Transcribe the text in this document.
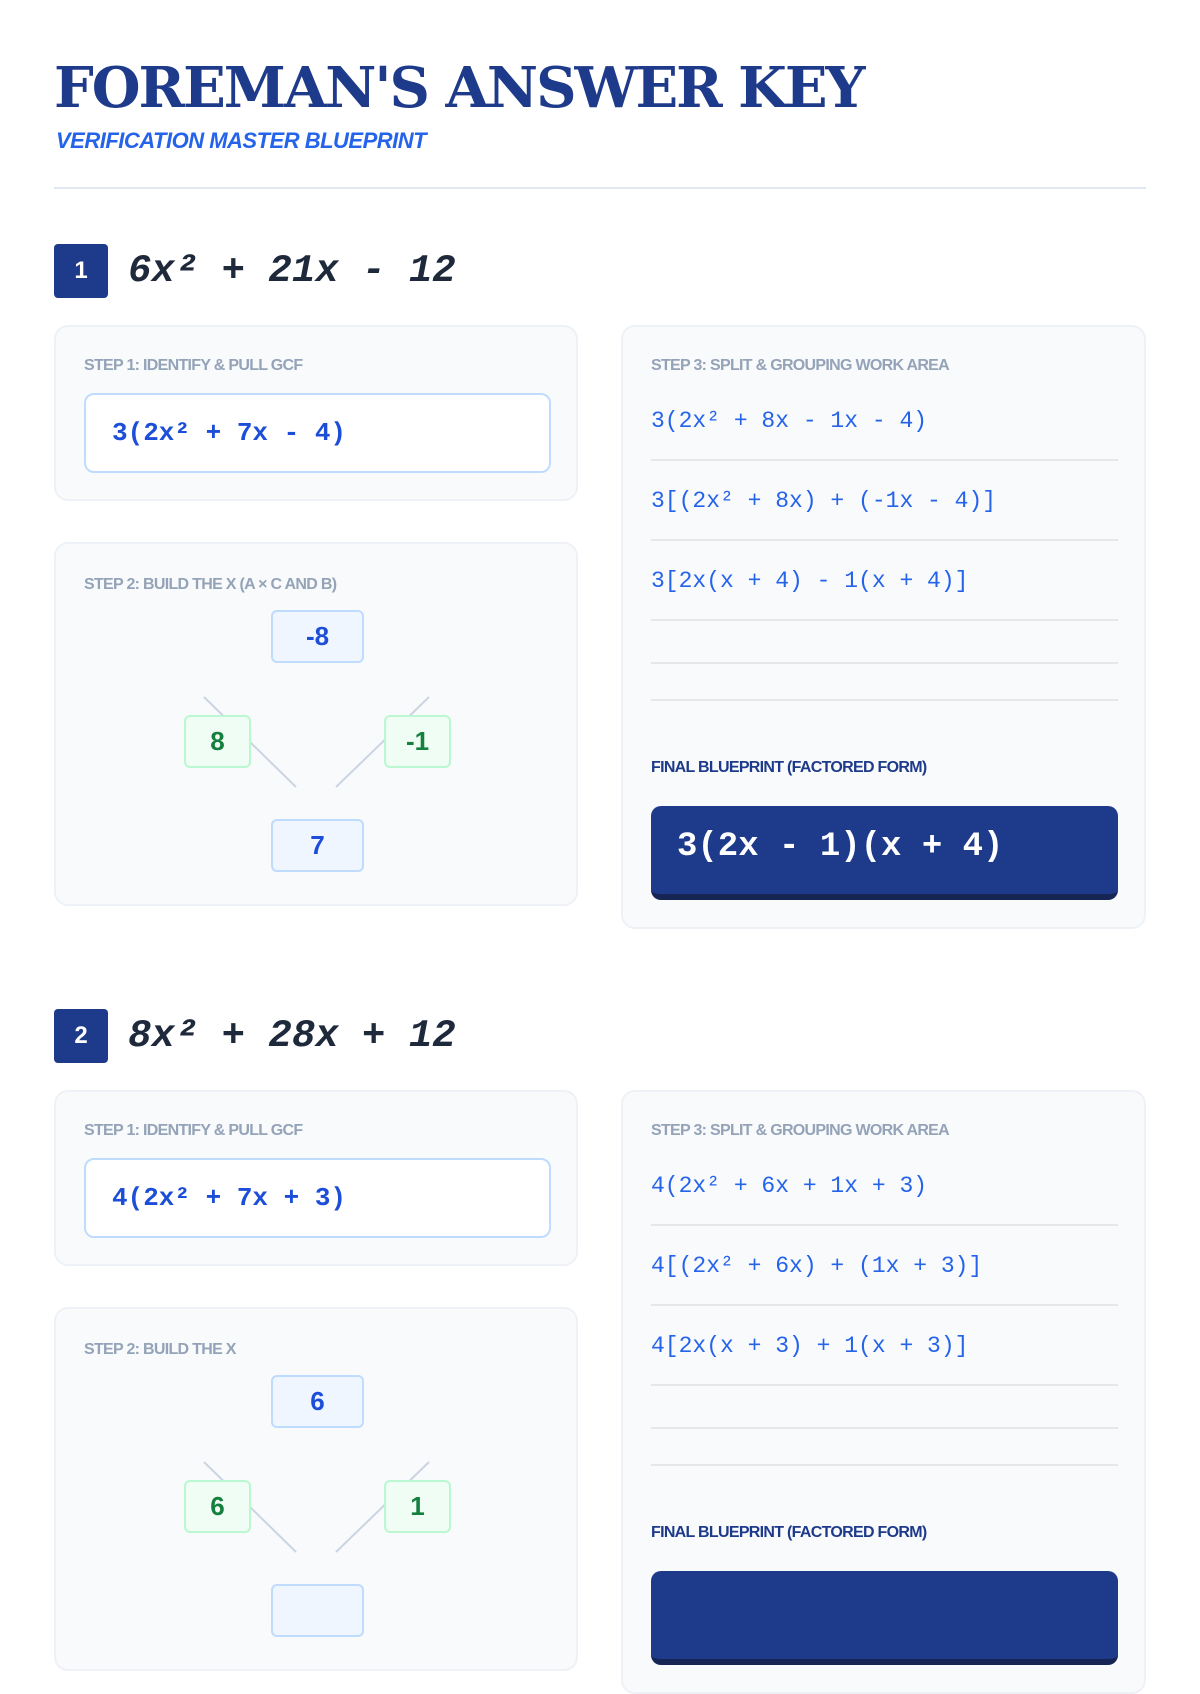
FOREMAN'S ANSWER KEY
VERIFICATION MASTER BLUEPRINT
1	6x² + 21x - 12
STEP 1: IDENTIFY & PULL GCF
3(2x² + 7x - 4)
STEP 2: BUILD THE X (A × C AND B)
-8
8	-1
7
STEP 3: SPLIT & GROUPING WORK AREA
3(2x² + 8x - 1x - 4)
3[(2x² + 8x) + (-1x - 4)]
3[2x(x + 4) - 1(x + 4)]
FINAL BLUEPRINT (FACTORED FORM)
3(2x - 1)(x + 4)
2	8x² + 28x + 12
STEP 1: IDENTIFY & PULL GCF
4(2x² + 7x + 3)
STEP 2: BUILD THE X
6
6	1
STEP 3: SPLIT & GROUPING WORK AREA
4(2x² + 6x + 1x + 3)
4[(2x² + 6x) + (1x + 3)]
4[2x(x + 3) + 1(x + 3)]
FINAL BLUEPRINT (FACTORED FORM)
